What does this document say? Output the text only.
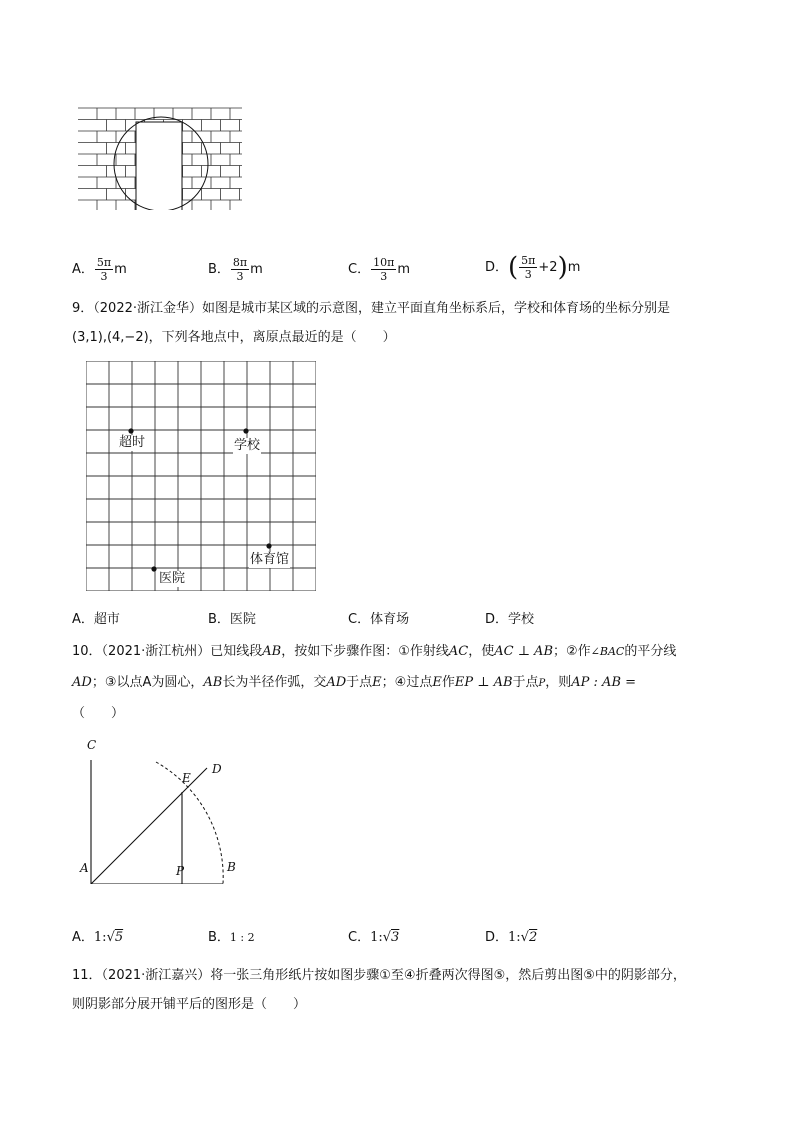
A． $\frac{5\pi}{3}$ m	B． $\frac{8\pi}{3}$ m	C． $\frac{10\pi}{3}$ m	D．( $\frac{5\pi}{3} +2)m$
9．（2022·浙江金华）如图是城市某区域的示意图，建立平面直角坐标系后，学校和体育场的坐标分别是
(3,1),(4,−2)，下列各地点中，离原点最近的是（　　）
超时	学校
医院
体育馆
A．超市	B．医院	C．体育场	D．学校
10．（2021·浙江杭州）已知线段AB，按如下步骤作图：①作射线AC，使AC ⊥ AB；②作∠BAC的平分线
AD；③以点A为圆心，AB长为半径作弧，交AD于点E；④过点E作EP ⊥ AB于点P，则AP : AB =
（　　）
C
D
E
A	P	B
A．1:√5	B．1 : 2	C．1:√3	D．1:√2
11．（2021·浙江嘉兴）将一张三角形纸片按如图步骤①至④折叠两次得图⑤，然后剪出图⑤中的阴影部分，
则阴影部分展开铺平后的图形是（　　）
